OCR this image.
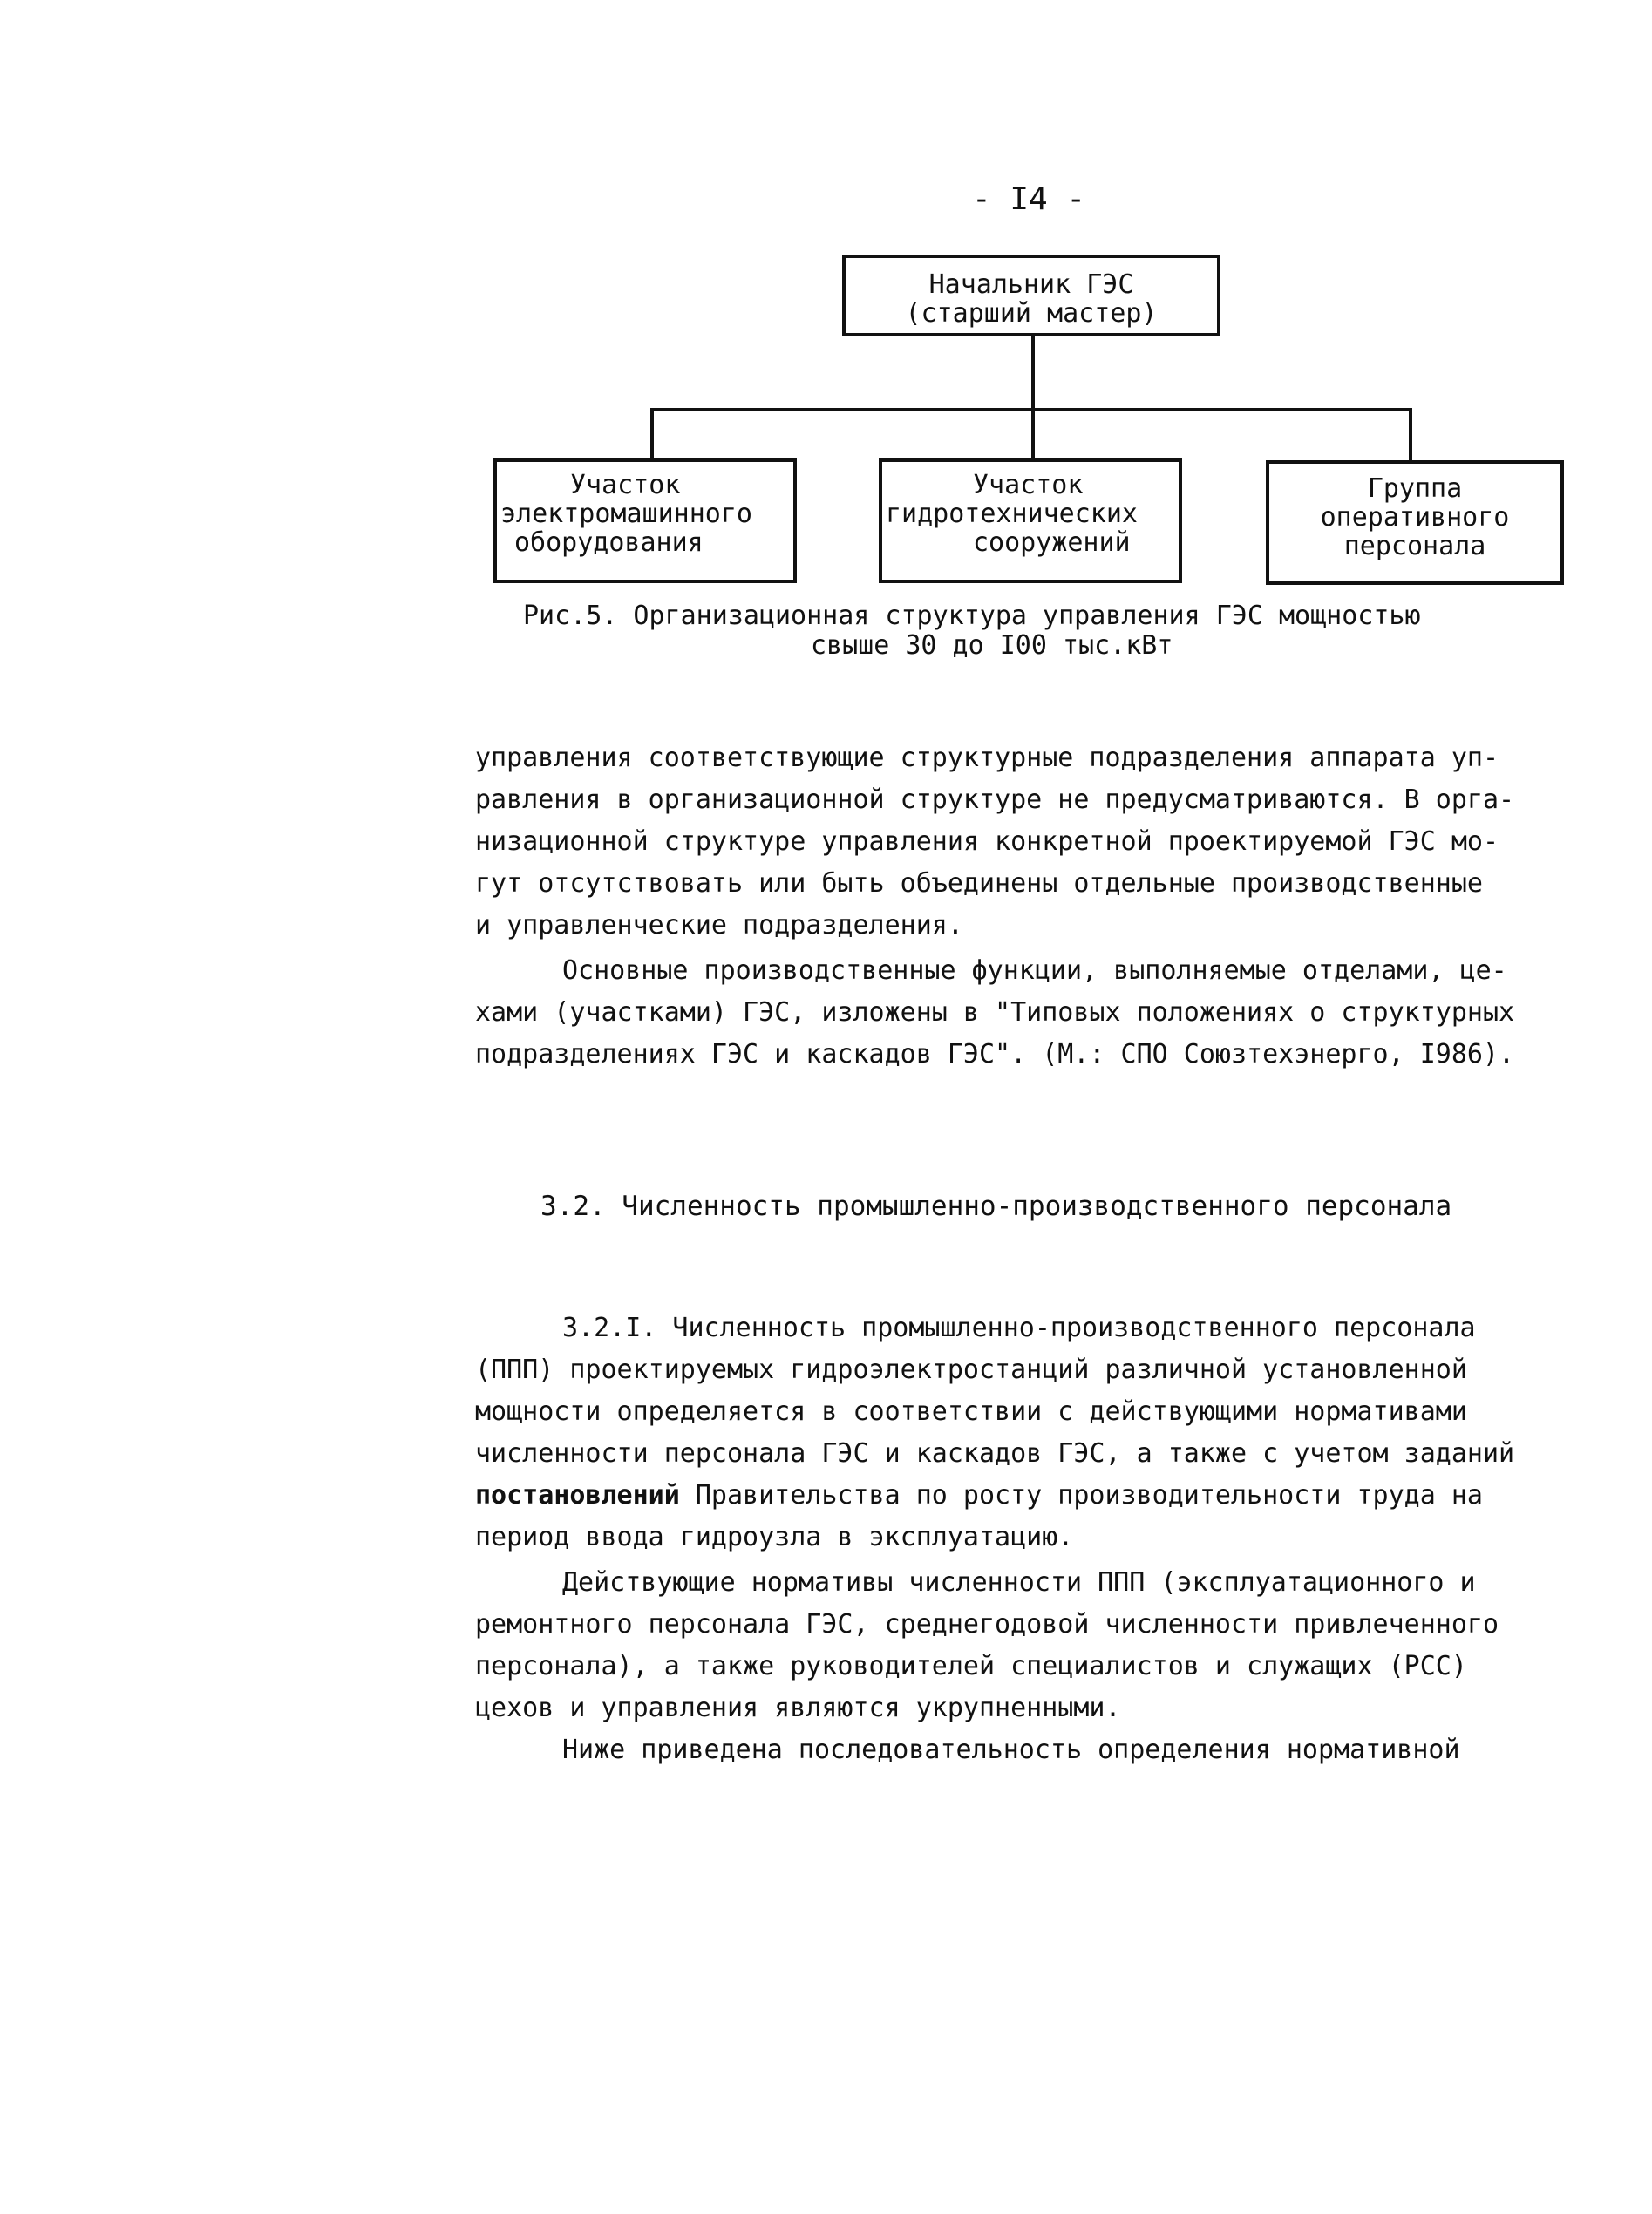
- I4 -
Начальник ГЭС
(старший мастер)
Участок
электромашинного
оборудования
Участок
гидротехнических
сооружений
Группа
оперативного
персонала
Рис.5. Организационная структура управления ГЭС мощностью
свыше 30 до I00 тыс.кВт

управления соответствующие структурные подразделения аппарата уп-

равления в организационной структуре не предусматриваются. В орга-

низационной структуре управления конкретной проектируемой ГЭС мо-

гут отсутствовать или быть объединены отдельные производственные

и управленческие подразделения.

Основные производственные функции, выполняемые отделами, це-

хами (участками) ГЭС, изложены в "Типовых положениях о структурных

подразделениях ГЭС и каскадов ГЭС". (М.: СПО Союзтехэнерго, I986).

3.2. Численность промышленно-производственного персонала

3.2.I. Численность промышленно-производственного персонала

(ППП) проектируемых гидроэлектростанций различной установленной

мощности определяется в соответствии с действующими нормативами

численности персонала ГЭС и каскадов ГЭС, а также с учетом заданий

постановлений Правительства по росту производительности труда на

период ввода гидроузла в эксплуатацию.

Действующие нормативы численности ППП (эксплуатационного и

ремонтного персонала ГЭС, среднегодовой численности привлеченного

персонала), а также руководителей специалистов и служащих (РСС)

цехов и управления являются укрупненными.

Ниже приведена последовательность определения нормативной
